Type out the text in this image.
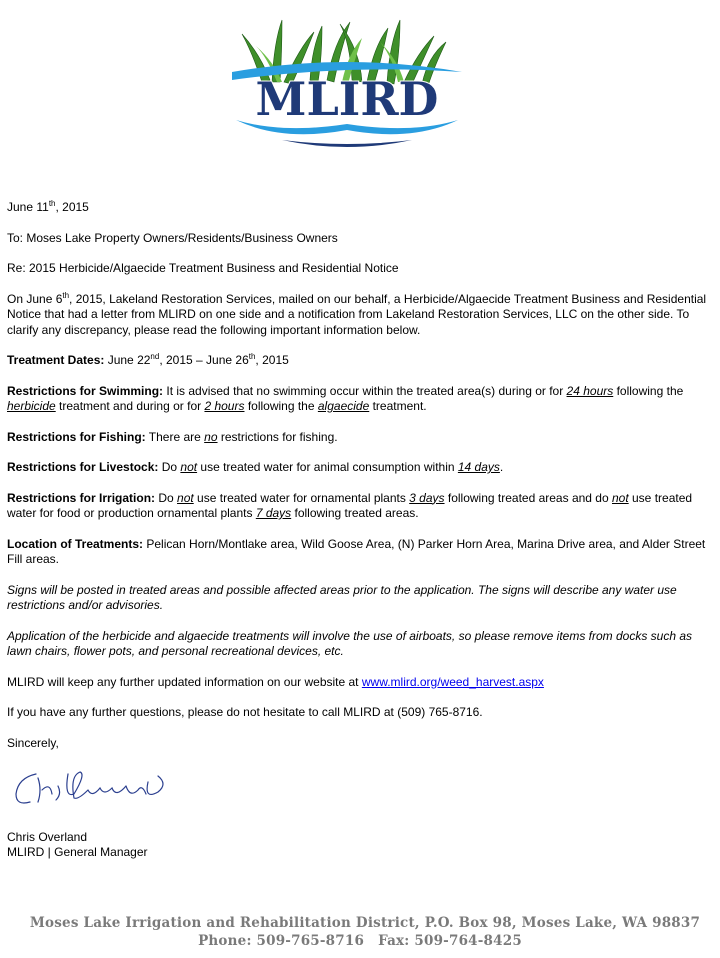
MLIRD

June 11th, 2015

To: Moses Lake Property Owners/Residents/Business Owners

Re: 2015 Herbicide/Algaecide Treatment Business and Residential Notice

On June 6th, 2015, Lakeland Restoration Services, mailed on our behalf, a Herbicide/Algaecide Treatment Business and Residential Notice that had a letter from MLIRD on one side and a notification from Lakeland Restoration Services, LLC on the other side. To clarify any discrepancy, please read the following important information below.

Treatment Dates: June 22nd, 2015 – June 26th, 2015

Restrictions for Swimming: It is advised that no swimming occur within the treated area(s) during or for 24 hours following the herbicide treatment and during or for 2 hours following the algaecide treatment.

Restrictions for Fishing: There are no restrictions for fishing.

Restrictions for Livestock: Do not use treated water for animal consumption within 14 days.

Restrictions for Irrigation: Do not use treated water for ornamental plants 3 days following treated areas and do not use treated water for food or production ornamental plants 7 days following treated areas.

Location of Treatments: Pelican Horn/Montlake area, Wild Goose Area, (N) Parker Horn Area, Marina Drive area, and Alder Street Fill areas.

Signs will be posted in treated areas and possible affected areas prior to the application. The signs will describe any water use restrictions and/or advisories.

Application of the herbicide and algaecide treatments will involve the use of airboats, so please remove items from docks such as lawn chairs, flower pots, and personal recreational devices, etc.

MLIRD will keep any further updated information on our website at www.mlird.org/weed_harvest.aspx

If you have any further questions, please do not hesitate to call MLIRD at (509) 765-8716.

Sincerely,

Chris Overland
MLIRD | General Manager
Moses Lake Irrigation and Rehabilitation District, P.O. Box 98, Moses Lake, WA 98837
Phone: 509-765-8716 Fax: 509-764-8425
